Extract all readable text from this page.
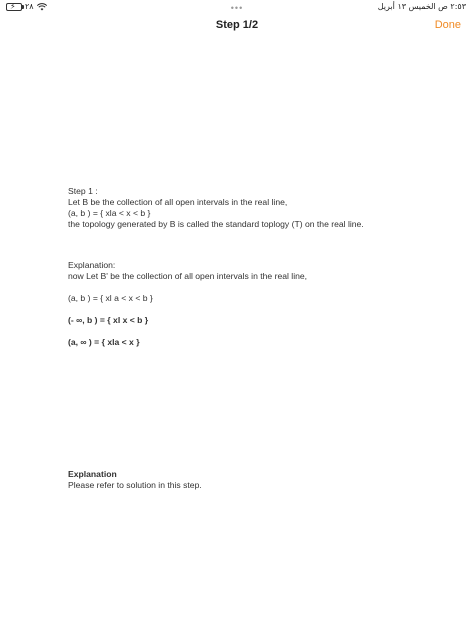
⚡ ٢٨	•••	٢:٥٣ ص الخميس ١٣ أبريل
Step 1/2	Done
Step 1 :
Let B be the collection of all open intervals in the real line,
(a, b ) = { xla < x < b }
the topology generated by B is called the standard toplogy (T) on the real line.
Explanation:
now Let B' be the collection of all open intervals in the real line,
(a, b ) = { xl a < x < b }
(- ∞, b ) = { xl x < b }
(a, ∞ ) = { xla < x }
Explanation
Please refer to solution in this step.
